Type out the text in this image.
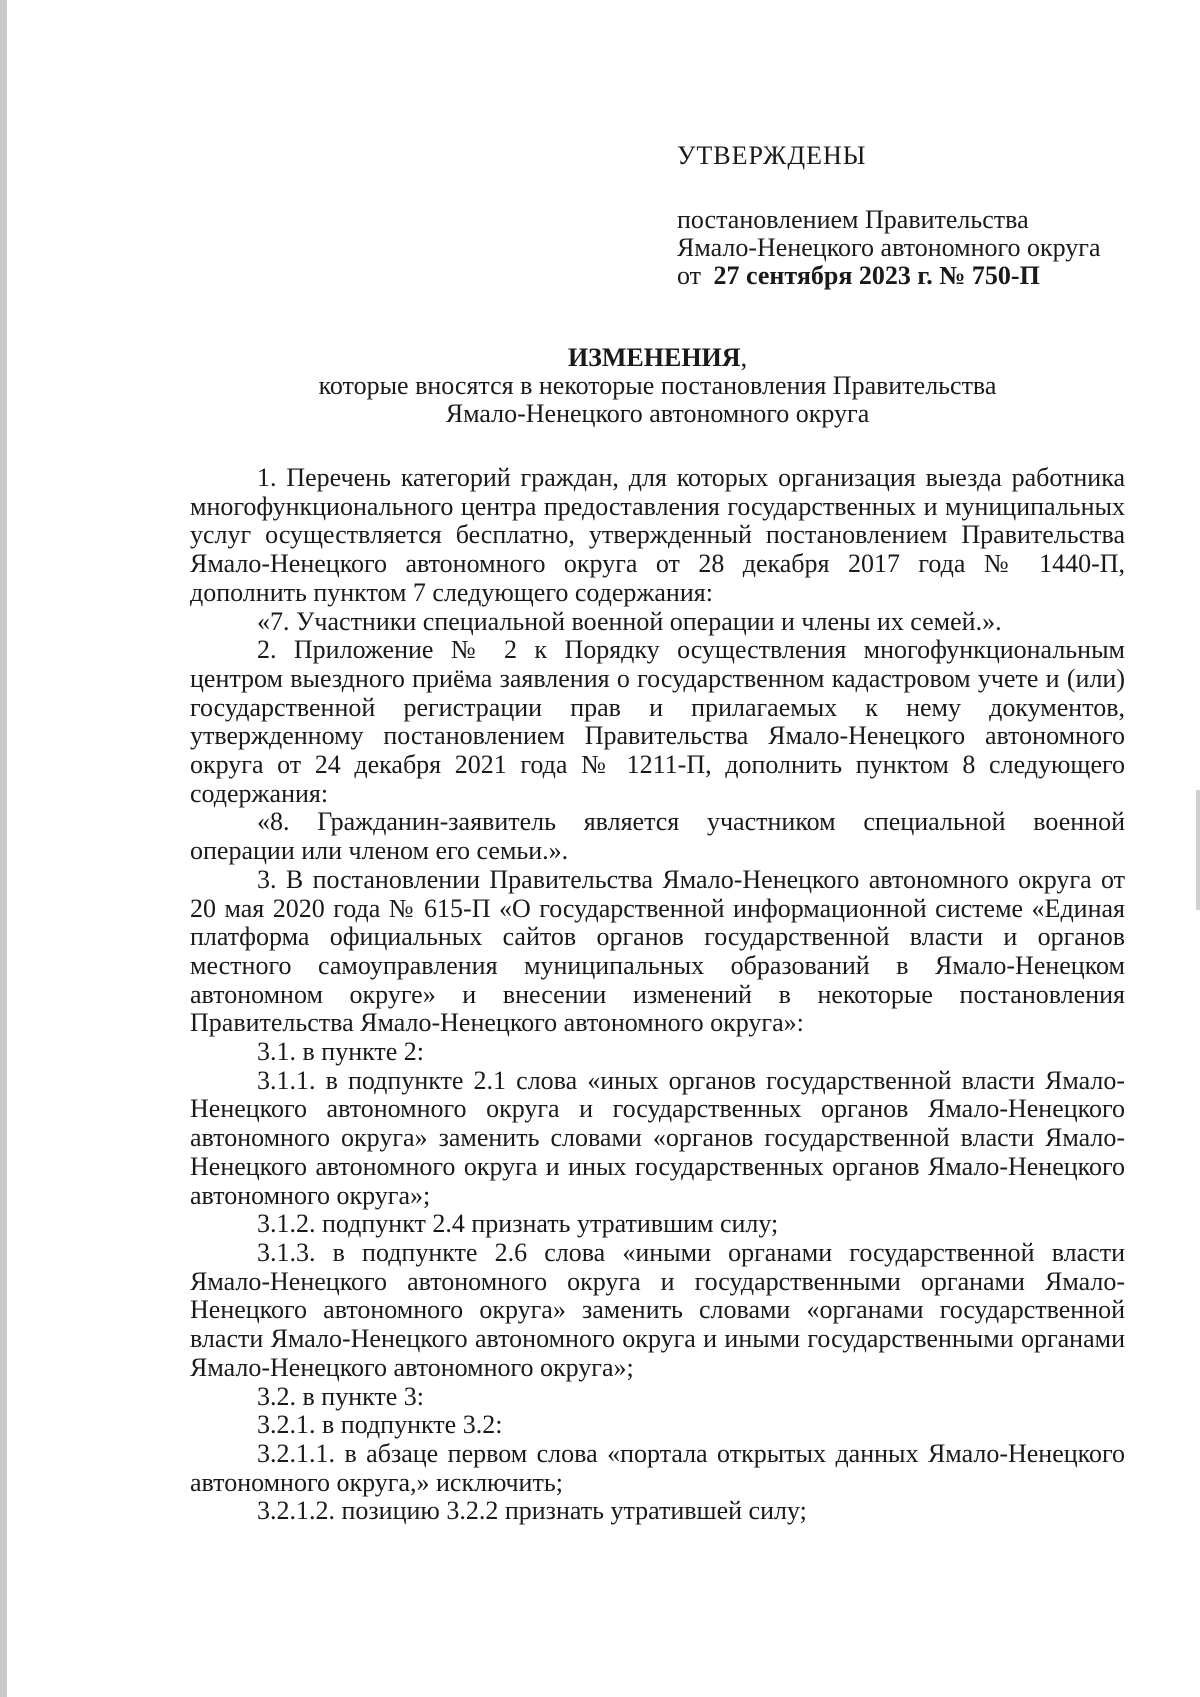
УТВЕРЖДЕНЫ
постановлением Правительства
Ямало-Ненецкого автономного округа
от 27 сентября 2023 г. № 750-П
ИЗМЕНЕНИЯ,
которые вносятся в некоторые постановления Правительства
Ямало-Ненецкого автономного округа

1. Перечень категорий граждан, для которых организация выезда работника многофункционального центра предоставления государственных и муниципальных услуг осуществляется бесплатно, утвержденный постановлением Правительства Ямало-Ненецкого автономного округа от 28 декабря 2017 года № 1440-П, дополнить пунктом 7 следующего содержания:

«7. Участники специальной военной операции и члены их семей.».

2. Приложение № 2 к Порядку осуществления многофункциональным центром выездного приёма заявления о государственном кадастровом учете и (или) государственной регистрации прав и прилагаемых к нему документов, утвержденному постановлением Правительства Ямало-Ненецкого автономного округа от 24 декабря 2021 года № 1211-П, дополнить пунктом 8 следующего содержания:

«8. Гражданин-заявитель является участником специальной военной операции или членом его семьи.».

3. В постановлении Правительства Ямало-Ненецкого автономного округа от 20 мая 2020 года № 615-П «О государственной информационной системе «Единая платформа официальных сайтов органов государственной власти и органов местного самоуправления муниципальных образований в Ямало-Ненецком автономном округе» и внесении изменений в некоторые постановления Правительства Ямало-Ненецкого автономного округа»:

3.1. в пункте 2:

3.1.1. в подпункте 2.1 слова «иных органов государственной власти Ямало-Ненецкого автономного округа и государственных органов Ямало-Ненецкого автономного округа» заменить словами «органов государственной власти Ямало-Ненецкого автономного округа и иных государственных органов Ямало-Ненецкого автономного округа»;

3.1.2. подпункт 2.4 признать утратившим силу;

3.1.3. в подпункте 2.6 слова «иными органами государственной власти Ямало-Ненецкого автономного округа и государственными органами Ямало-Ненецкого автономного округа» заменить словами «органами государственной власти Ямало-Ненецкого автономного округа и иными государственными органами Ямало-Ненецкого автономного округа»;

3.2. в пункте 3:

3.2.1. в подпункте 3.2:

3.2.1.1. в абзаце первом слова «портала открытых данных Ямало-Ненецкого автономного округа,» исключить;

3.2.1.2. позицию 3.2.2 признать утратившей силу;
